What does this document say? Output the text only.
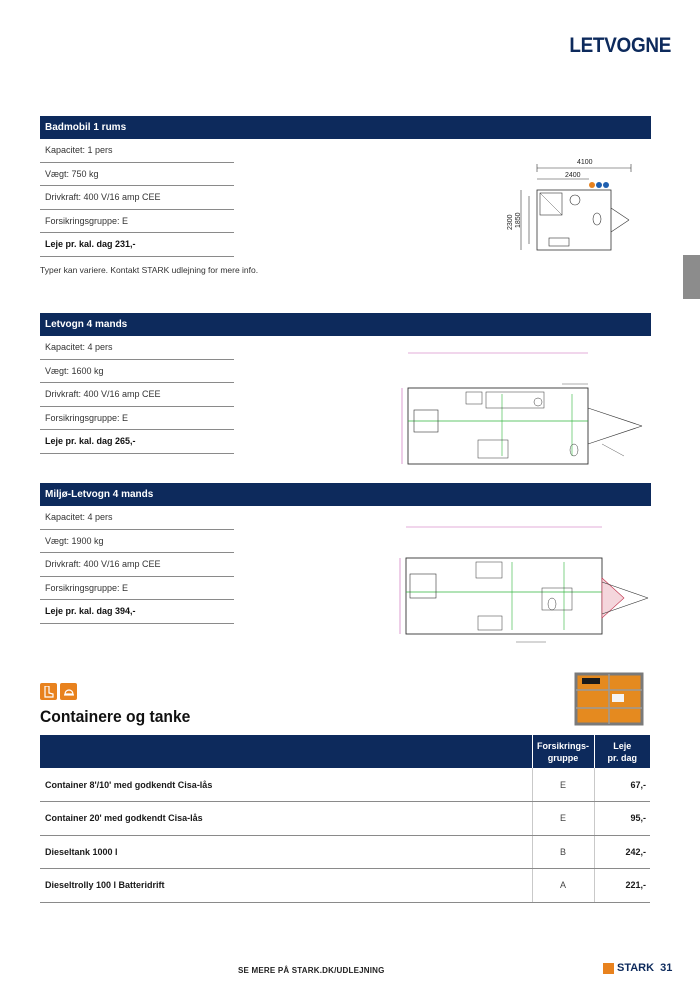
LETVOGNE
Badmobil 1 rums
Kapacitet: 1 pers
Vægt: 750 kg
Drivkraft: 400 V/16 amp CEE
Forsikringsgruppe: E
Leje pr. kal. dag 231,-
Typer kan variere. Kontakt STARK udlejning for mere info.
4100
2400
2300 1850
Letvogn 4 mands
Kapacitet: 4 pers
Vægt: 1600 kg
Drivkraft: 400 V/16 amp CEE
Forsikringsgruppe: E
Leje pr. kal. dag 265,-
Miljø-Letvogn 4 mands
Kapacitet: 4 pers
Vægt: 1900 kg
Drivkraft: 400 V/16 amp CEE
Forsikringsgruppe: E
Leje pr. kal. dag 394,-
Containere og tanke
	Forsikrings-
gruppe	Leje
pr. dag
Container 8'/10' med godkendt Cisa-lås	E	67,-
Container 20' med godkendt Cisa-lås	E	95,-
Dieseltank 1000 l	B	242,-
Dieseltrolly 100 l Batteridrift	A	221,-
SE MERE PÅ STARK.DK/UDLEJNING	STARK 31
